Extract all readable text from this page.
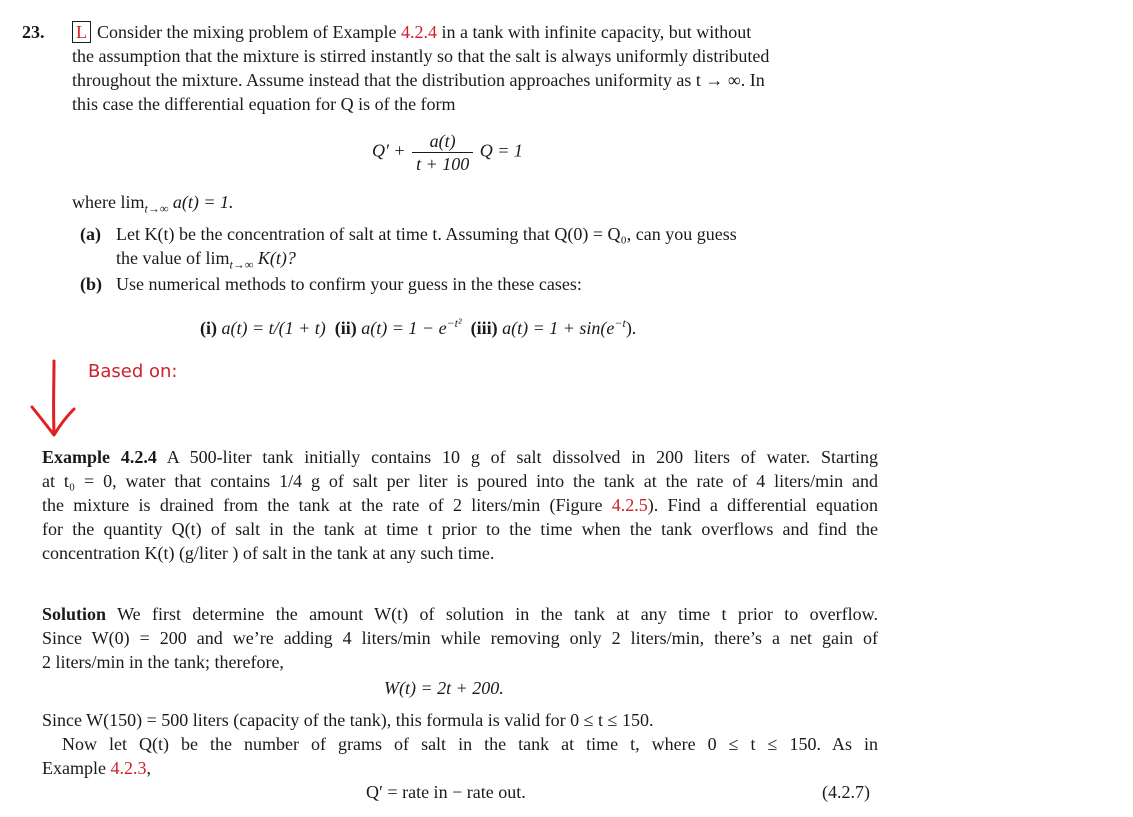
23. L Consider the mixing problem of Example 4.2.4 in a tank with infinite capacity, but without
the assumption that the mixture is stirred instantly so that the salt is always uniformly distributed
throughout the mixture. Assume instead that the distribution approaches uniformity as t → ∞. In
this case the differential equation for Q is of the form
$Q' + \frac{a(t)}{t + 100}$ Q = 1
where $\lim_{t\to\infty} a(t) = 1$.
(a) Let K(t) be the concentration of salt at time t. Assuming that Q(0) = Q₀, can you guess
the value of $\lim_{t\to\infty} K(t)$?
(b) Use numerical methods to confirm your guess in the these cases:
(i) a(t) = t/(1 + t) (ii) $a(t) = 1 - e^{-t^2}$ (iii) $a(t) = 1 + \sin(e^{-t})$.
Based on:
Example 4.2.4 A 500-liter tank initially contains 10 g of salt dissolved in 200 liters of water. Starting
at t₀ = 0, water that contains 1/4 g of salt per liter is poured into the tank at the rate of 4 liters/min and
the mixture is drained from the tank at the rate of 2 liters/min (Figure 4.2.5). Find a differential equation
for the quantity Q(t) of salt in the tank at time t prior to the time when the tank overflows and find the
concentration K(t) (g/liter ) of salt in the tank at any such time.
Solution We first determine the amount W(t) of solution in the tank at any time t prior to overflow.
Since W(0) = 200 and we’re adding 4 liters/min while removing only 2 liters/min, there’s a net gain of
2 liters/min in the tank; therefore,
W(t) = 2t + 200.
Since W(150) = 500 liters (capacity of the tank), this formula is valid for 0 ≤ t ≤ 150.
Now let Q(t) be the number of grams of salt in the tank at time t, where 0 ≤ t ≤ 150. As in
Example 4.2.3,
Q′ = rate in − rate out.	(4.2.7)
